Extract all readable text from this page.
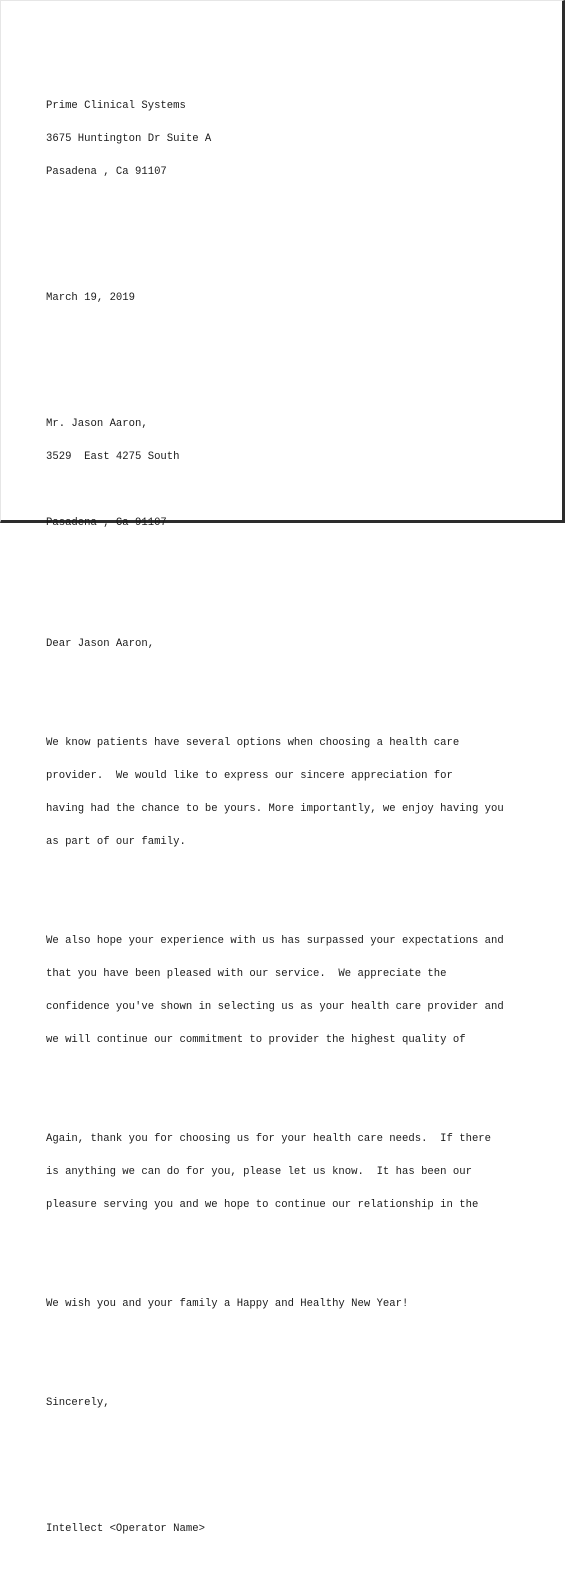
Prime Clinical Systems

3675 Huntington Dr Suite A

Pasadena , Ca 91107

March 19, 2019

Mr. Jason Aaron,

3529  East 4275 South

Pasadena , Ca 91107

Dear Jason Aaron,

We know patients have several options when choosing a health care

provider.  We would like to express our sincere appreciation for

having had the chance to be yours. More importantly, we enjoy having you

as part of our family.

We also hope your experience with us has surpassed your expectations and

that you have been pleased with our service.  We appreciate the

confidence you've shown in selecting us as your health care provider and

we will continue our commitment to provider the highest quality of

Again, thank you for choosing us for your health care needs.  If there

is anything we can do for you, please let us know.  It has been our

pleasure serving you and we hope to continue our relationship in the

We wish you and your family a Happy and Healthy New Year!

Sincerely,

Intellect <Operator Name>
